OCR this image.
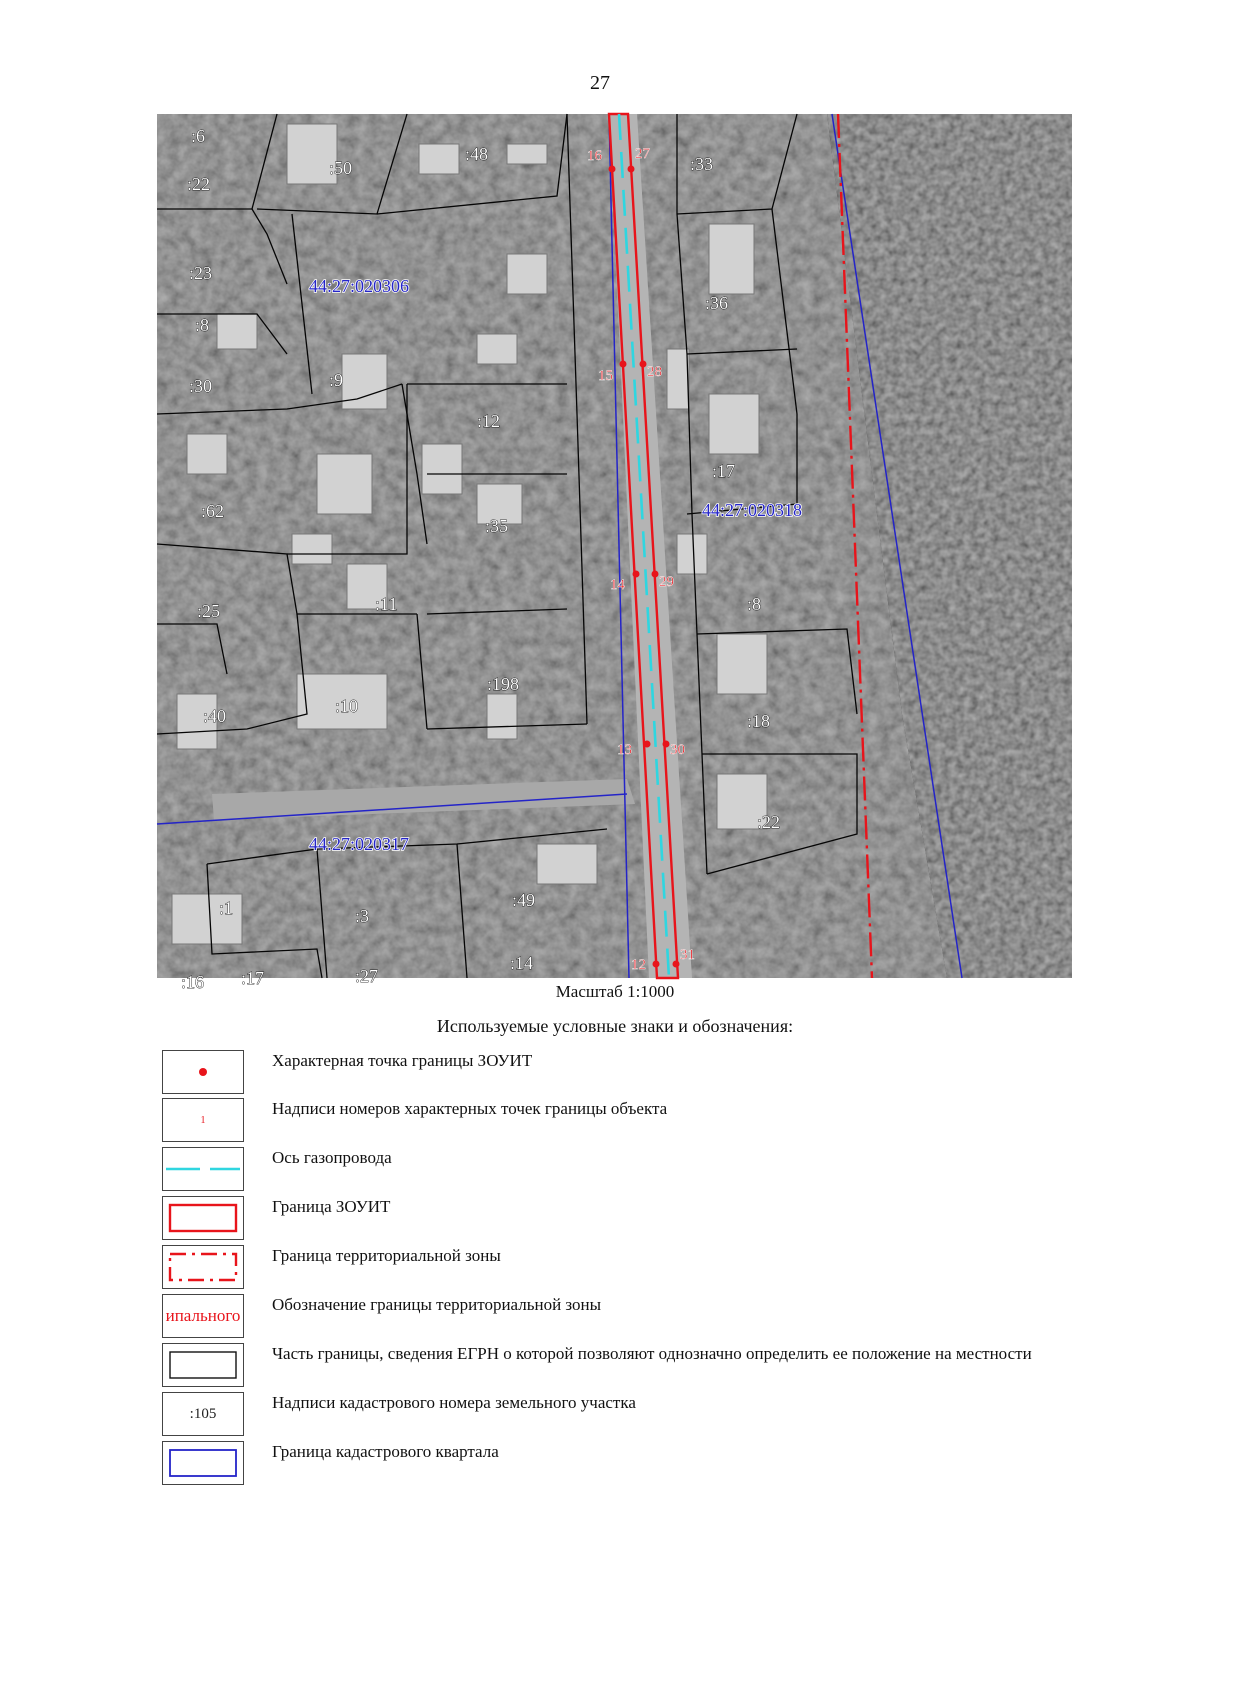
27
16 27
15 28
14 29
13	30
12
31
:6
:22
:50
:48	:33
:23
:36
:8
:30	:9
:12
:17
:62
:35
:25	:11	:8
:10
:198
:40	:18
:22
:1	:3
:49
:14
:17	:27
:16
44:27:020306
44:27:020318
44:27:020317
Масштаб 1:1000
Используемые условные знаки и обозначения:
Характерная точка границы ЗОУИТ
1
Надписи номеров характерных точек границы объекта
Ось газопровода
Граница ЗОУИТ
Граница территориальной зоны
ипального
Обозначение границы территориальной зоны
Часть границы, сведения ЕГРН о которой позволяют однозначно определить ее положение на местности
:105
Надписи кадастрового номера земельного участка
Граница кадастрового квартала
